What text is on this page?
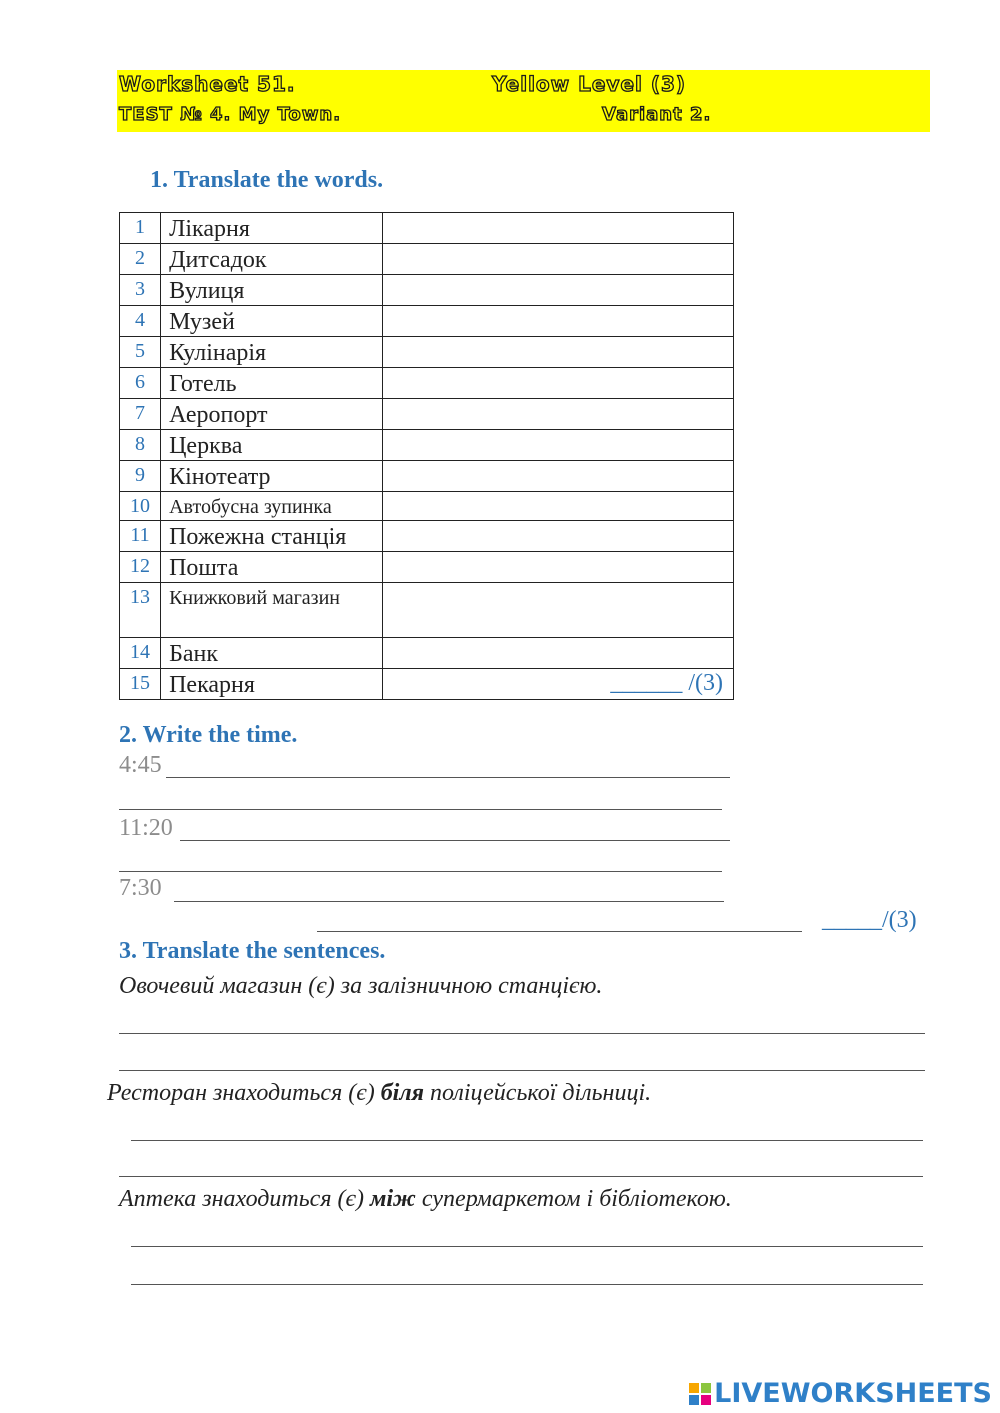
Worksheet 51.	Yellow Level (3)
TEST № 4. My Town.	Variant 2.
1. Translate the words.
1	Лікарня	
2	Дитсадок	
3	Вулиця	
4	Музей	
5	Кулінарія	
6	Готель	
7	Аеропорт	
8	Церква	
9	Кінотеатр	
10	Автобусна зупинка	
11	Пожежна станція	
12	Пошта	
13	Книжковий магазин	
14	Банк	
15	Пекарня	______ /(3)
2. Write the time.
4:45
11:20
7:30
_____/(3)
3. Translate the sentences.
Овочевий магазин (є) за залізничною станцією.
Ресторан знаходиться (є) біля поліцейської дільниці.
Аптека знаходиться (є) між супермаркетом і бібліотекою.
LIVEWORKSHEETS
